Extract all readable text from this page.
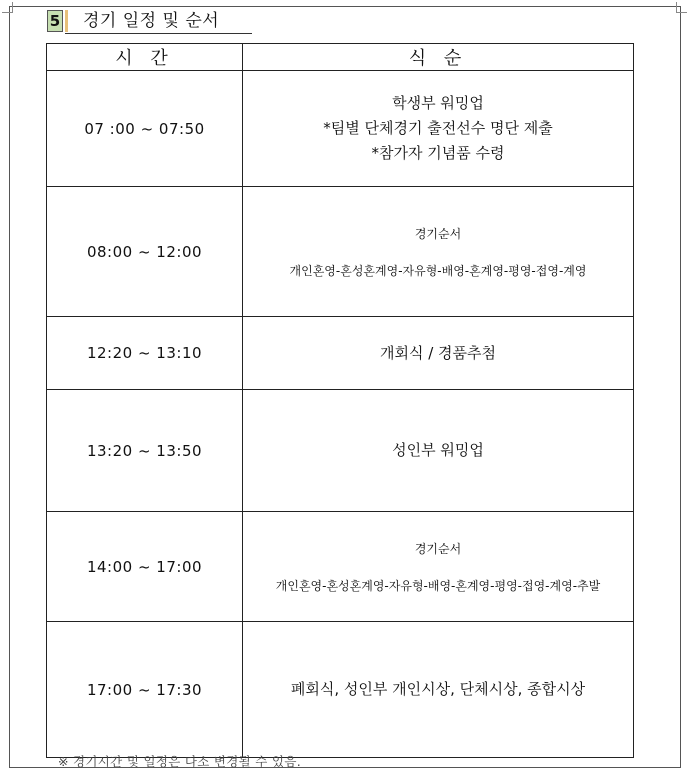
5 경기 일정 및 순서
시 간	식 순
07 :00 ~ 07:50	학생부 워밍업
*팀별 단체경기 출전선수 명단 제출
*참가자 기념품 수령

08:00 ~ 12:00	경기순서
개인혼영-혼성혼계영-자유형-배영-혼계영-평영-접영-계영

12:20 ~ 13:10	개회식 / 경품추첨

13:20 ~ 13:50	성인부 워밍업

14:00 ~ 17:00	경기순서
개인혼영-혼성혼계영-자유형-배영-혼계영-평영-접영-계영-추발

17:00 ~ 17:30	폐회식, 성인부 개인시상, 단체시상, 종합시상
※ 경기시간 및 일정은 다소 변경될 수 있음.
